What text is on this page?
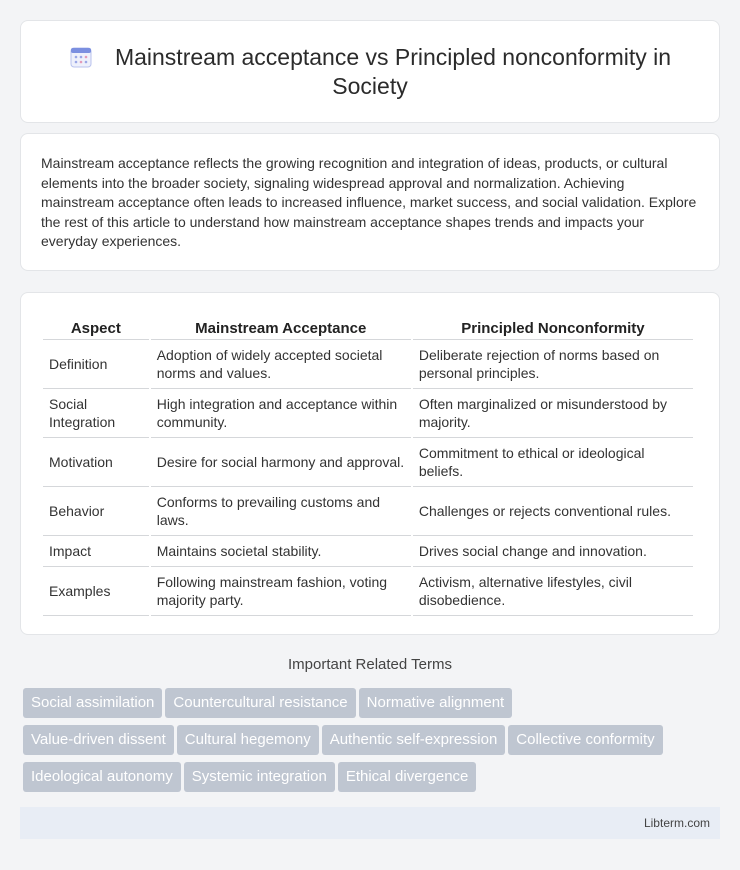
Mainstream acceptance vs Principled nonconformity in Society

Mainstream acceptance reflects the growing recognition and integration of ideas, products, or cultural elements into the broader society, signaling widespread approval and normalization. Achieving mainstream acceptance often leads to increased influence, market success, and social validation. Explore the rest of this article to understand how mainstream acceptance shapes trends and impacts your everyday experiences.

Aspect	Mainstream Acceptance	Principled Nonconformity
Definition	Adoption of widely accepted societal norms and values.	Deliberate rejection of norms based on personal principles.
Social Integration	High integration and acceptance within community.	Often marginalized or misunderstood by majority.
Motivation	Desire for social harmony and approval.	Commitment to ethical or ideological beliefs.
Behavior	Conforms to prevailing customs and laws.	Challenges or rejects conventional rules.
Impact	Maintains societal stability.	Drives social change and innovation.
Examples	Following mainstream fashion, voting majority party.	Activism, alternative lifestyles, civil disobedience.
Important Related Terms
Social assimilation Countercultural resistance Normative alignment
Value-driven dissent Cultural hegemony Authentic self-expression Collective conformity
Ideological autonomy Systemic integration Ethical divergence
Libterm.com
